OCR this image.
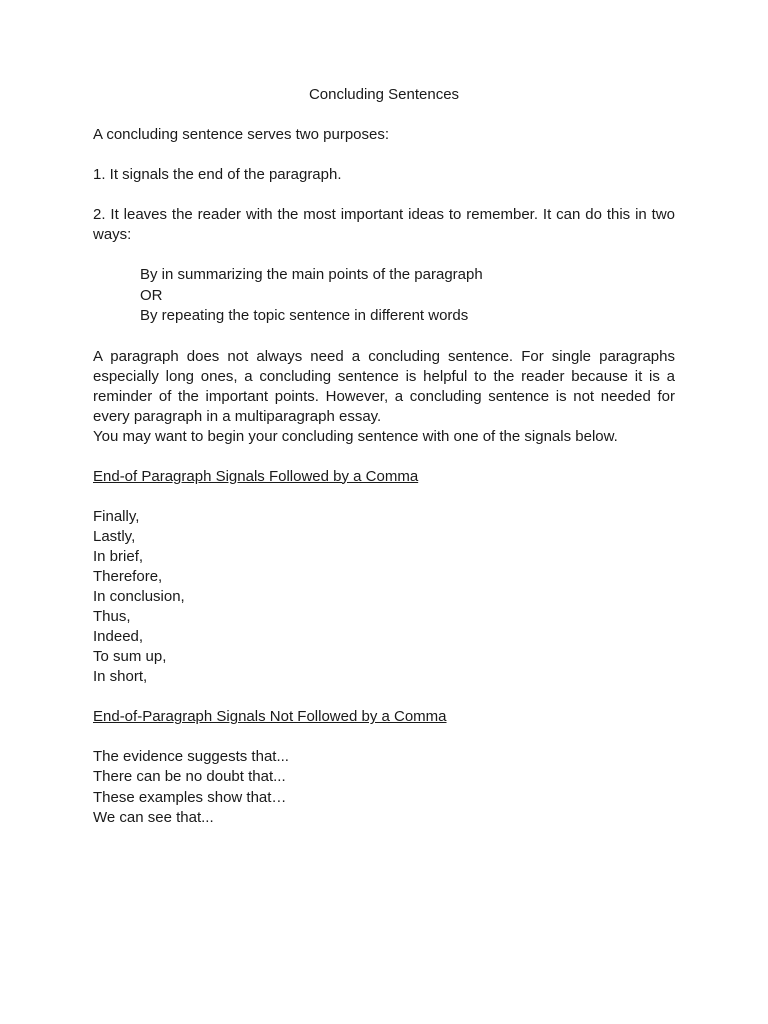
Concluding Sentences

A concluding sentence serves two purposes:

1. It signals the end of the paragraph.

2. It leaves the reader with the most important ideas to remember. It can do this in two ways:

By in summarizing the main points of the paragraph
OR
By repeating the topic sentence in different words

A paragraph does not always need a concluding sentence. For single paragraphs especially long ones, a concluding sentence is helpful to the reader because it is a reminder of the important points. However, a concluding sentence is not needed for every paragraph in a multiparagraph essay.

You may want to begin your concluding sentence with one of the signals below.

End-of Paragraph Signals Followed by a Comma
Finally,
Lastly,
In brief,
Therefore,
In conclusion,
Thus,
Indeed,
To sum up,
In short,
End-of-Paragraph Signals Not Followed by a Comma
The evidence suggests that...
There can be no doubt that...
These examples show that…
We can see that...
